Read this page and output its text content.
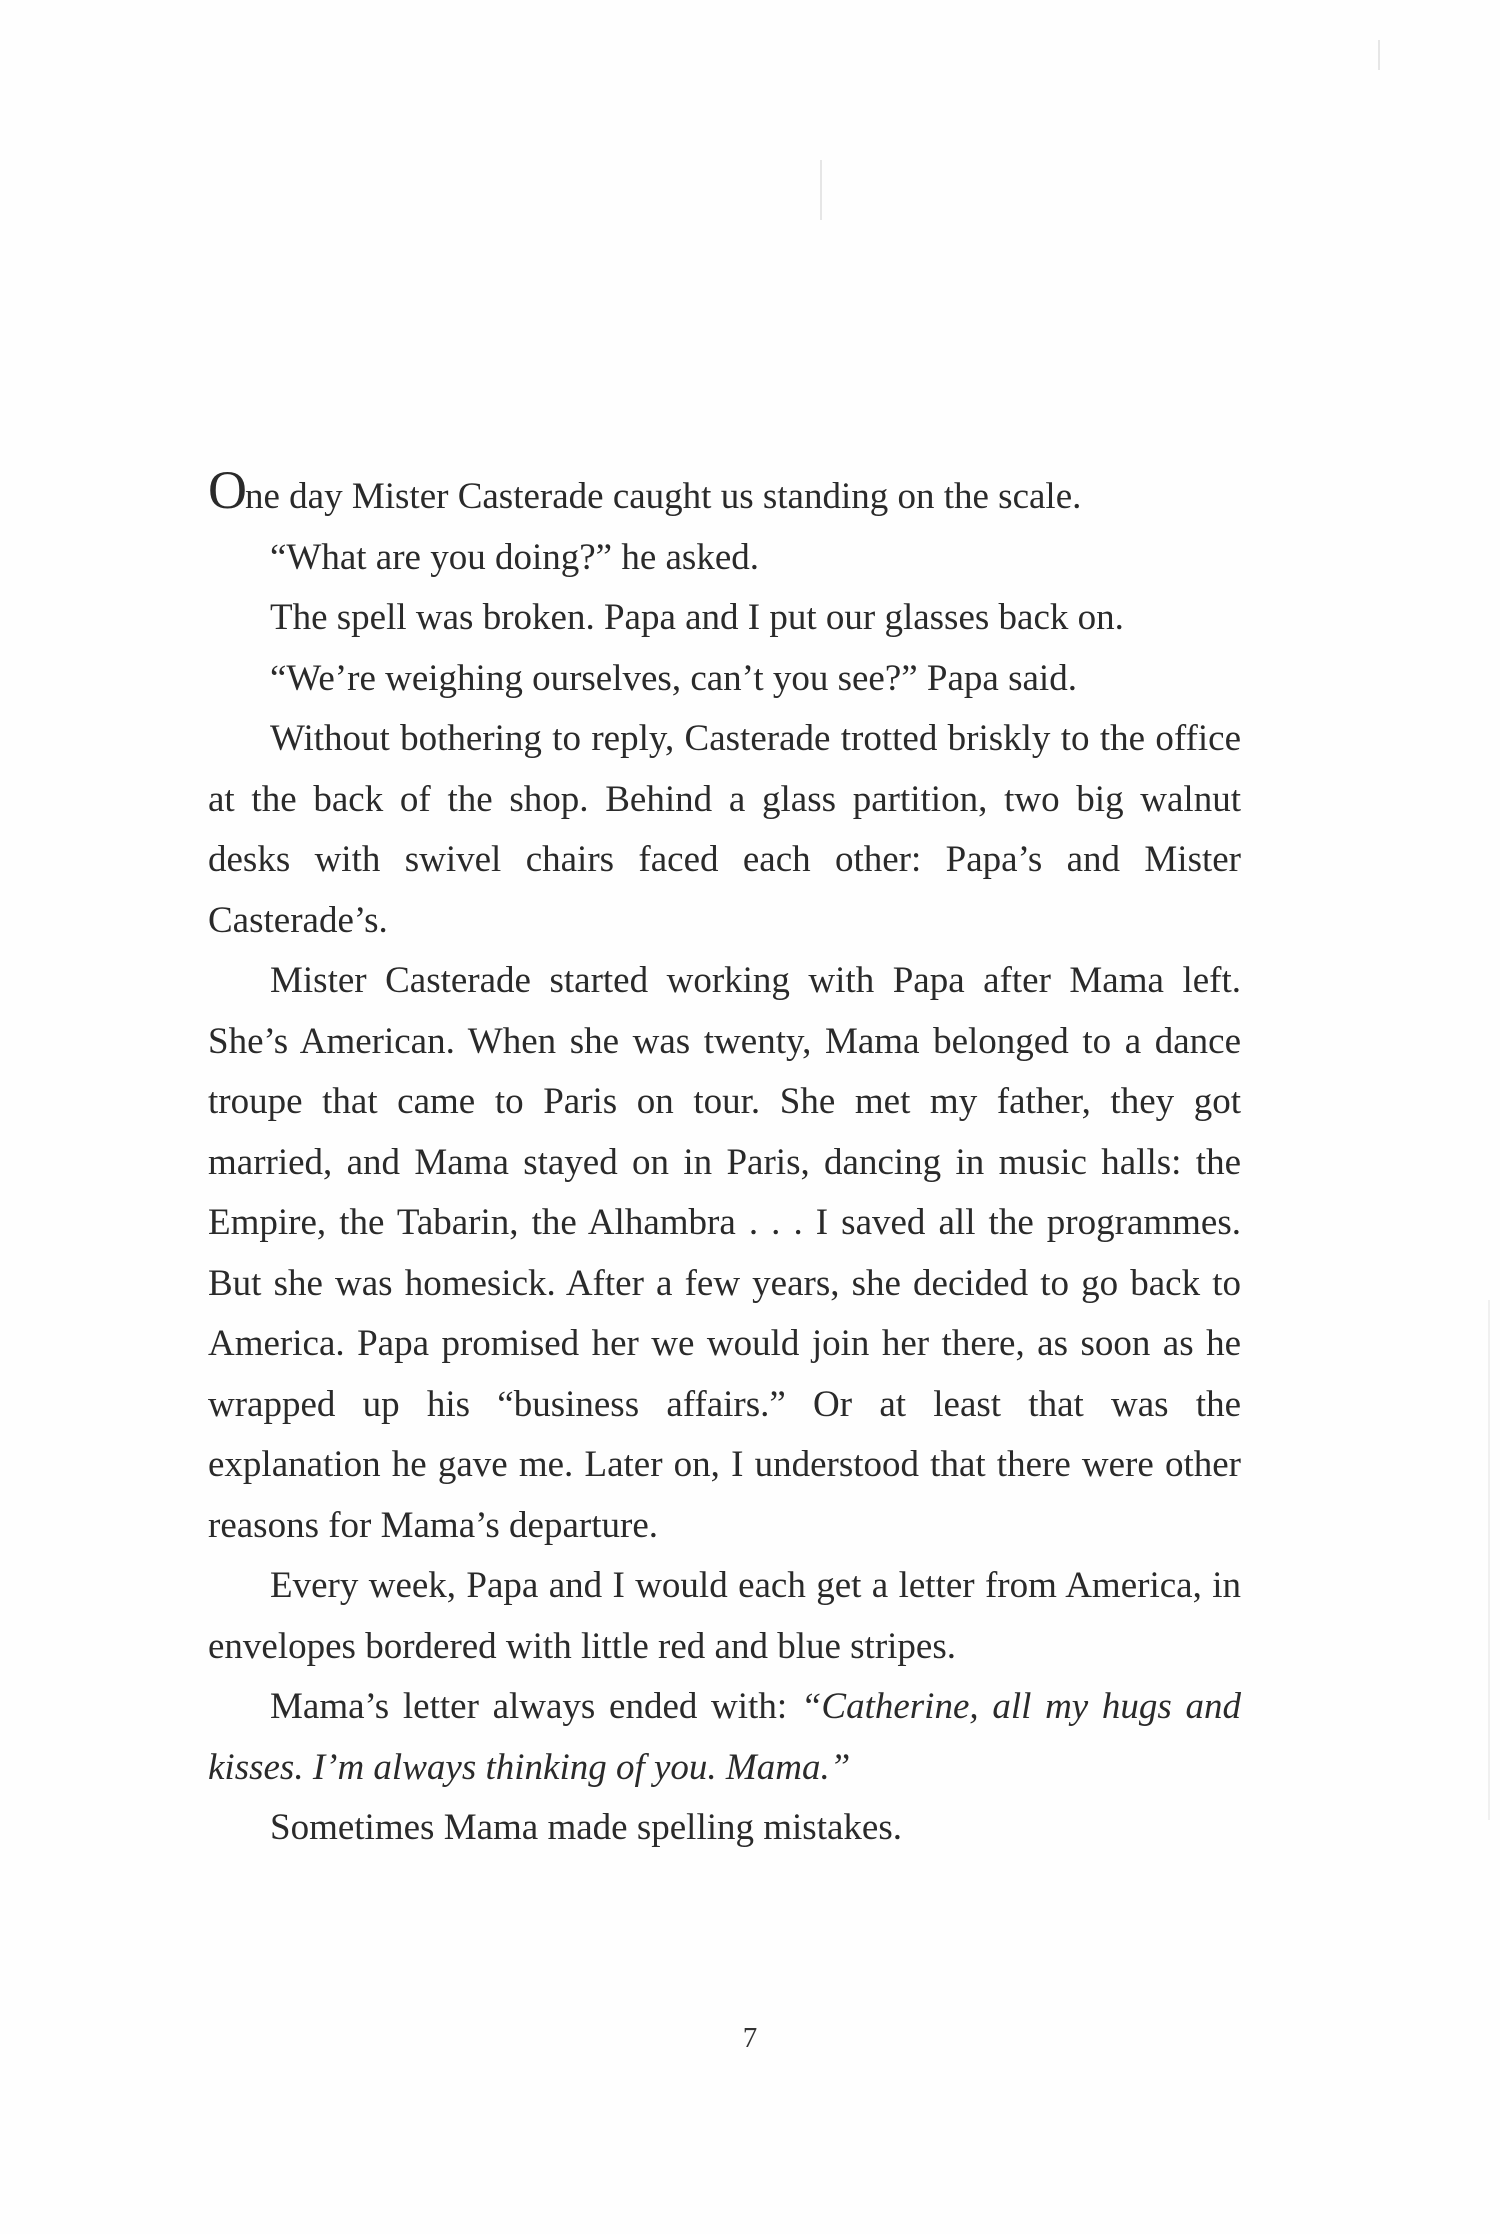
One day Mister Casterade caught us standing on the scale.

“What are you doing?” he asked.

The spell was broken. Papa and I put our glasses back on.

“We’re weighing ourselves, can’t you see?” Papa said.

Without bothering to reply, Casterade trotted briskly to the office at the back of the shop. Behind a glass partition, two big walnut desks with swivel chairs faced each other: Papa’s and Mister Casterade’s.

Mister Casterade started working with Papa after Mama left. She’s American. When she was twenty, Mama belonged to a dance troupe that came to Paris on tour. She met my father, they got married, and Mama stayed on in Paris, dancing in music halls: the Empire, the Tabarin, the Alhambra . . . I saved all the programmes. But she was homesick. After a few years, she decided to go back to America. Papa promised her we would join her there, as soon as he wrapped up his “business affairs.” Or at least that was the explanation he gave me. Later on, I understood that there were other reasons for Mama’s departure.

Every week, Papa and I would each get a letter from America, in envelopes bordered with little red and blue stripes.

Mama’s letter always ended with: “Catherine, all my hugs and kisses. I’m always thinking of you. Mama.”

Sometimes Mama made spelling mistakes.

7
